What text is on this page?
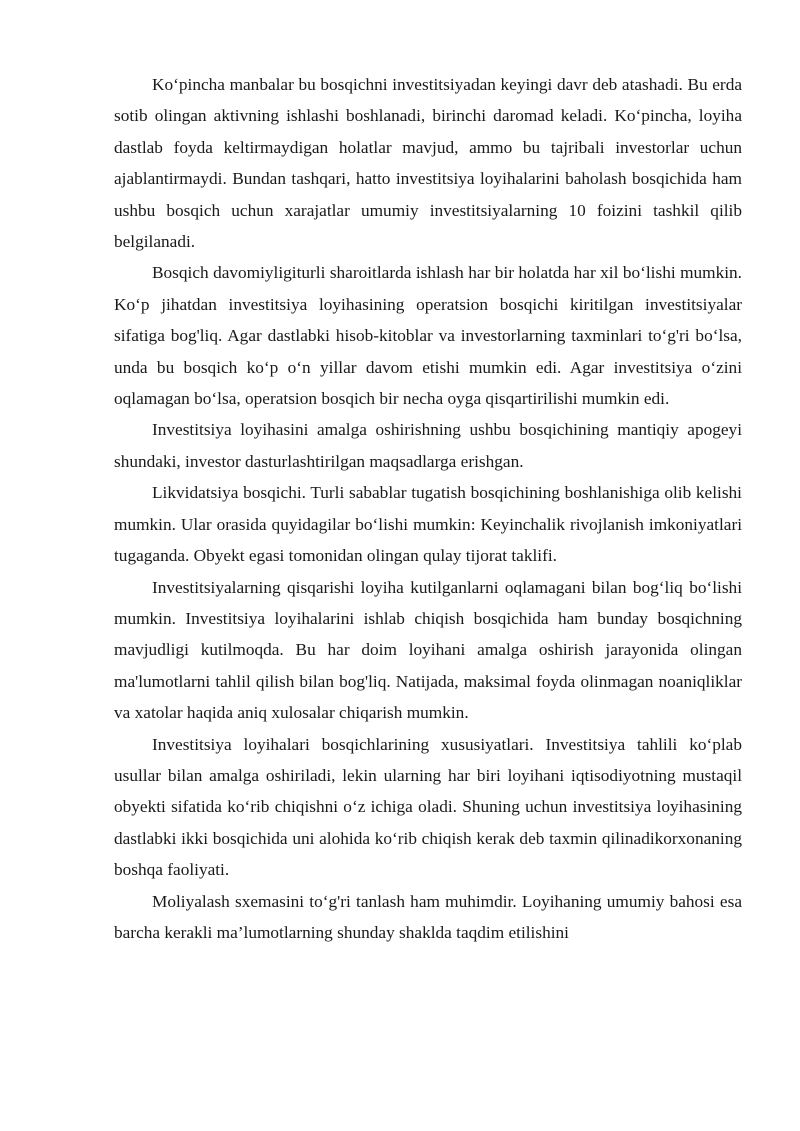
Ko‘pincha manbalar bu bosqichni investitsiyadan keyingi davr deb atashadi. Bu erda sotib olingan aktivning ishlashi boshlanadi, birinchi daromad keladi. Ko‘pincha, loyiha dastlab foyda keltirmaydigan holatlar mavjud, ammo bu tajribali investorlar uchun ajablantirmaydi. Bundan tashqari, hatto investitsiya loyihalarini baholash bosqichida ham ushbu bosqich uchun xarajatlar umumiy investitsiyalarning 10 foizini tashkil qilib belgilanadi.

Bosqich davomiyligiturli sharoitlarda ishlash har bir holatda har xil bo‘lishi mumkin. Ko‘p jihatdan investitsiya loyihasining operatsion bosqichi kiritilgan investitsiyalar sifatiga bog'liq. Agar dastlabki hisob-kitoblar va investorlarning taxminlari to‘g'ri bo‘lsa, unda bu bosqich ko‘p o‘n yillar davom etishi mumkin edi. Agar investitsiya o‘zini oqlamagan bo‘lsa, operatsion bosqich bir necha oyga qisqartirilishi mumkin edi.

Investitsiya loyihasini amalga oshirishning ushbu bosqichining mantiqiy apogeyi shundaki, investor dasturlashtirilgan maqsadlarga erishgan.

Likvidatsiya bosqichi. Turli sabablar tugatish bosqichining boshlanishiga olib kelishi mumkin. Ular orasida quyidagilar bo‘lishi mumkin: Keyinchalik rivojlanish imkoniyatlari tugaganda. Obyekt egasi tomonidan olingan qulay tijorat taklifi.

Investitsiyalarning qisqarishi loyiha kutilganlarni oqlamagani bilan bog‘liq bo‘lishi mumkin. Investitsiya loyihalarini ishlab chiqish bosqichida ham bunday bosqichning mavjudligi kutilmoqda. Bu har doim loyihani amalga oshirish jarayonida olingan ma'lumotlarni tahlil qilish bilan bog'liq. Natijada, maksimal foyda olinmagan noaniqliklar va xatolar haqida aniq xulosalar chiqarish mumkin.

Investitsiya loyihalari bosqichlarining xususiyatlari. Investitsiya tahlili ko‘plab usullar bilan amalga oshiriladi, lekin ularning har biri loyihani iqtisodiyotning mustaqil obyekti sifatida ko‘rib chiqishni o‘z ichiga oladi. Shuning uchun investitsiya loyihasining dastlabki ikki bosqichida uni alohida ko‘rib chiqish kerak deb taxmin qilinadikorxonaning boshqa faoliyati.

Moliyalash sxemasini to‘g'ri tanlash ham muhimdir. Loyihaning umumiy bahosi esa barcha kerakli ma’lumotlarning shunday shaklda taqdim etilishini
